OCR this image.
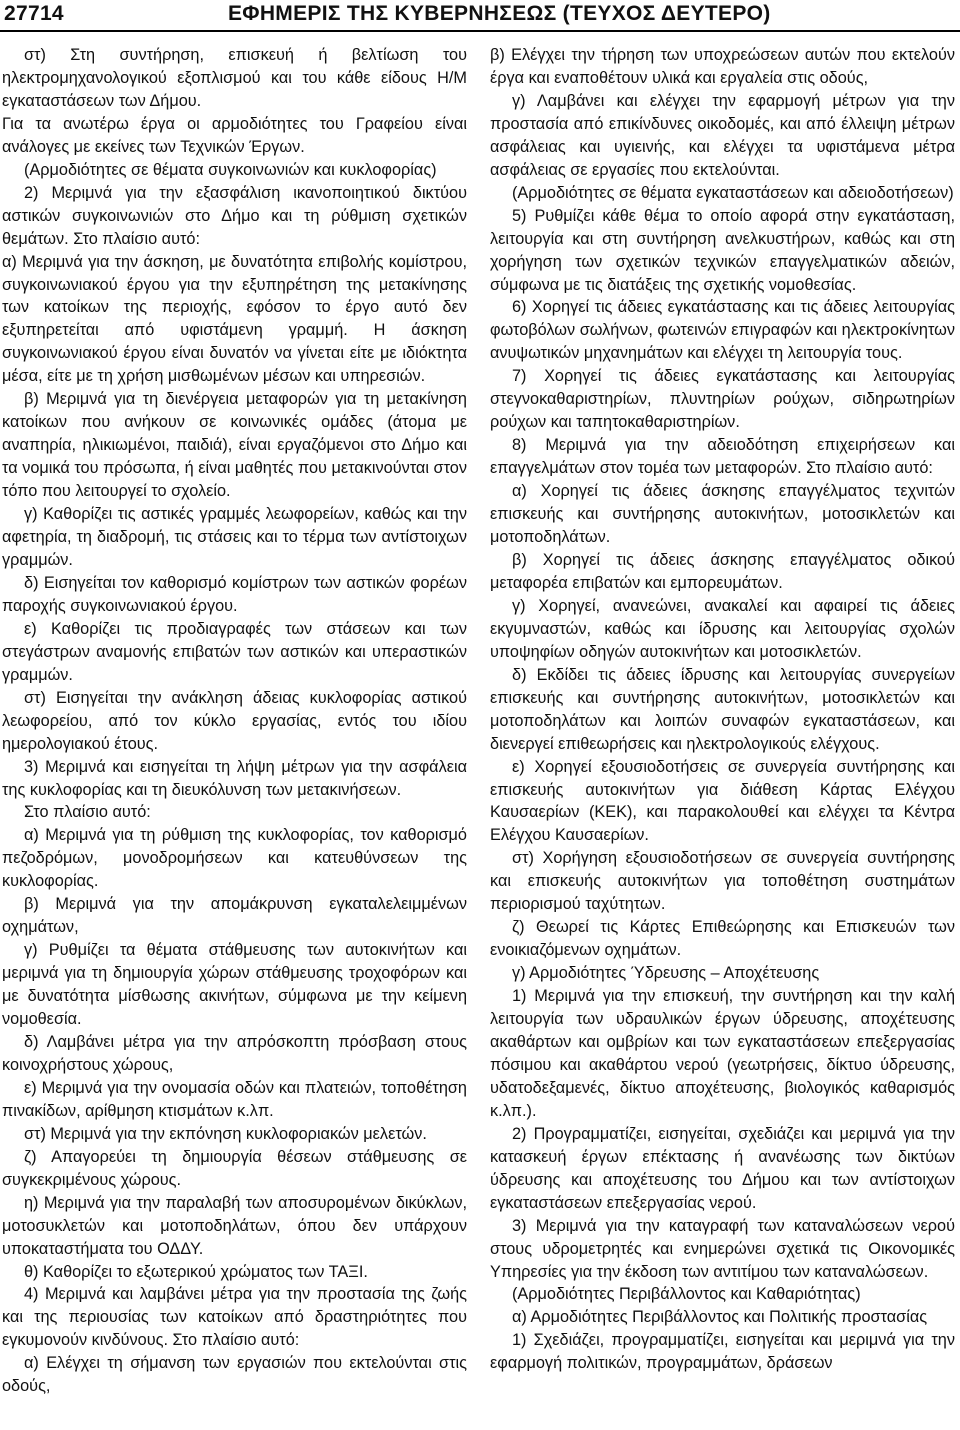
27714	ΕΦΗΜΕΡΙΣ ΤΗΣ ΚΥΒΕΡΝΗΣΕΩΣ (ΤΕΥΧΟΣ ΔΕΥΤΕΡΟ)

στ) Στη συντήρηση, επισκευή ή βελτίωση του ηλεκτρομηχανολογικού εξοπλισμού και του κάθε είδους Η/Μ εγκαταστάσεων των Δήμου.

Για τα ανωτέρω έργα οι αρμοδιότητες του Γραφείου είναι ανάλογες με εκείνες των Τεχνικών Έργων.

(Αρμοδιότητες σε θέματα συγκοινωνιών και κυκλοφορίας)

2) Μεριμνά για την εξασφάλιση ικανοποιητικού δικτύου αστικών συγκοινωνιών στο Δήμο και τη ρύθμιση σχετικών θεμάτων. Στο πλαίσιο αυτό:

α) Μεριμνά για την άσκηση, με δυνατότητα επιβολής κομίστρου, συγκοινωνιακού έργου για την εξυπηρέτηση της μετακίνησης των κατοίκων της περιοχής, εφόσον το έργο αυτό δεν εξυπηρετείται από υφιστάμενη γραμμή. Η άσκηση συγκοινωνιακού έργου είναι δυνατόν να γίνεται είτε με ιδιόκτητα μέσα, είτε με τη χρήση μισθωμένων μέσων και υπηρεσιών.

β) Μεριμνά για τη διενέργεια μεταφορών για τη μετακίνηση κατοίκων που ανήκουν σε κοινωνικές ομάδες (άτομα με αναπηρία, ηλικιωμένοι, παιδιά), είναι εργαζόμενοι στο Δήμο και τα νομικά του πρόσωπα, ή είναι μαθητές που μετακινούνται στον τόπο που λειτουργεί το σχολείο.

γ) Καθορίζει τις αστικές γραμμές λεωφορείων, καθώς και την αφετηρία, τη διαδρομή, τις στάσεις και το τέρμα των αντίστοιχων γραμμών.

δ) Εισηγείται τον καθορισμό κομίστρων των αστικών φορέων παροχής συγκοινωνιακού έργου.

ε) Καθορίζει τις προδιαγραφές των στάσεων και των στεγάστρων αναμονής επιβατών των αστικών και υπεραστικών γραμμών.

στ) Εισηγείται την ανάκληση άδειας κυκλοφορίας αστικού λεωφορείου, από τον κύκλο εργασίας, εντός του ιδίου ημερολογιακού έτους.

3) Μεριμνά και εισηγείται τη λήψη μέτρων για την ασφάλεια της κυκλοφορίας και τη διευκόλυνση των μετακινήσεων.

Στο πλαίσιο αυτό:

α) Μεριμνά για τη ρύθμιση της κυκλοφορίας, τον καθορισμό πεζοδρόμων, μονοδρομήσεων και κατευθύνσεων της κυκλοφορίας.

β) Μεριμνά για την απομάκρυνση εγκαταλελειμμένων οχημάτων,

γ) Ρυθμίζει τα θέματα στάθμευσης των αυτοκινήτων και μεριμνά για τη δημιουργία χώρων στάθμευσης τροχοφόρων και με δυνατότητα μίσθωσης ακινήτων, σύμφωνα με την κείμενη νομοθεσία.

δ) Λαμβάνει μέτρα για την απρόσκοπτη πρόσβαση στους κοινοχρήστους χώρους,

ε) Μεριμνά για την ονομασία οδών και πλατειών, τοποθέτηση πινακίδων, αρίθμηση κτισμάτων κ.λπ.

στ) Μεριμνά για την εκπόνηση κυκλοφοριακών μελετών.

ζ) Απαγορεύει τη δημιουργία θέσεων στάθμευσης σε συγκεκριμένους χώρους.

η) Μεριμνά για την παραλαβή των αποσυρομένων δικύκλων, μοτοσυκλετών και μοτοποδηλάτων, όπου δεν υπάρχουν υποκαταστήματα του ΟΔΔΥ.

θ) Καθορίζει το εξωτερικού χρώματος των ΤΑΞΙ.

4) Μεριμνά και λαμβάνει μέτρα για την προστασία της ζωής και της περιουσίας των κατοίκων από δραστηριότητες που εγκυμονούν κινδύνους. Στο πλαίσιο αυτό:

α) Ελέγχει τη σήμανση των εργασιών που εκτελούνται στις οδούς,

β) Ελέγχει την τήρηση των υποχρεώσεων αυτών που εκτελούν έργα και εναποθέτουν υλικά και εργαλεία στις οδούς,

γ) Λαμβάνει και ελέγχει την εφαρμογή μέτρων για την προστασία από επικίνδυνες οικοδομές, και από έλλειψη μέτρων ασφάλειας και υγιεινής, και ελέγχει τα υφιστάμενα μέτρα ασφάλειας σε εργασίες που εκτελούνται.

(Αρμοδιότητες σε θέματα εγκαταστάσεων και αδειοδοτήσεων)

5) Ρυθμίζει κάθε θέμα το οποίο αφορά στην εγκατάσταση, λειτουργία και στη συντήρηση ανελκυστήρων, καθώς και στη χορήγηση των σχετικών τεχνικών επαγγελματικών αδειών, σύμφωνα με τις διατάξεις της σχετικής νομοθεσίας.

6) Χορηγεί τις άδειες εγκατάστασης και τις άδειες λειτουργίας φωτοβόλων σωλήνων, φωτεινών επιγραφών και ηλεκτροκίνητων ανυψωτικών μηχανημάτων και ελέγχει τη λειτουργία τους.

7) Χορηγεί τις άδειες εγκατάστασης και λειτουργίας στεγνοκαθαριστηρίων, πλυντηρίων ρούχων, σιδηρωτηρίων ρούχων και ταπητοκαθαριστηρίων.

8) Μεριμνά για την αδειοδότηση επιχειρήσεων και επαγγελμάτων στον τομέα των μεταφορών. Στο πλαίσιο αυτό:

α) Χορηγεί τις άδειες άσκησης επαγγέλματος τεχνιτών επισκευής και συντήρησης αυτοκινήτων, μοτοσικλετών και μοτοποδηλάτων.

β) Χορηγεί τις άδειες άσκησης επαγγέλματος οδικού μεταφορέα επιβατών και εμπορευμάτων.

γ) Χορηγεί, ανανεώνει, ανακαλεί και αφαιρεί τις άδειες εκγυμναστών, καθώς και ίδρυσης και λειτουργίας σχολών υποψηφίων οδηγών αυτοκινήτων και μοτοσικλετών.

δ) Εκδίδει τις άδειες ίδρυσης και λειτουργίας συνεργείων επισκευής και συντήρησης αυτοκινήτων, μοτοσικλετών και μοτοποδηλάτων και λοιπών συναφών εγκαταστάσεων, και διενεργεί επιθεωρήσεις και ηλεκτρολογικούς ελέγχους.

ε) Χορηγεί εξουσιοδοτήσεις σε συνεργεία συντήρησης και επισκευής αυτοκινήτων για διάθεση Κάρτας Ελέγχου Καυσαερίων (ΚΕΚ), και παρακολουθεί και ελέγχει τα Κέντρα Ελέγχου Καυσαερίων.

στ) Χορήγηση εξουσιοδοτήσεων σε συνεργεία συντήρησης και επισκευής αυτοκινήτων για τοποθέτηση συστημάτων περιορισμού ταχύτητων.

ζ) Θεωρεί τις Κάρτες Επιθεώρησης και Επισκευών των ενοικιαζόμενων οχημάτων.

γ) Αρμοδιότητες Ύδρευσης – Αποχέτευσης

1) Μεριμνά για την επισκευή, την συντήρηση και την καλή λειτουργία των υδραυλικών έργων ύδρευσης, αποχέτευσης ακαθάρτων και ομβρίων και των εγκαταστάσεων επεξεργασίας πόσιμου και ακαθάρτου νερού (γεωτρήσεις, δίκτυο ύδρευσης, υδατοδεξαμενές, δίκτυο αποχέτευσης, βιολογικός καθαρισμός κ.λπ.).

2) Προγραμματίζει, εισηγείται, σχεδιάζει και μεριμνά για την κατασκευή έργων επέκτασης ή ανανέωσης των δικτύων ύδρευσης και αποχέτευσης του Δήμου και των αντίστοιχων εγκαταστάσεων επεξεργασίας νερού.

3) Μεριμνά για την καταγραφή των καταναλώσεων νερού στους υδρομετρητές και ενημερώνει σχετικά τις Οικονομικές Υπηρεσίες για την έκδοση των αντιτίμου των καταναλώσεων.

(Αρμοδιότητες Περιβάλλοντος και Καθαριότητας)

α) Αρμοδιότητες Περιβάλλοντος και Πολιτικής προστασίας

1) Σχεδιάζει, προγραμματίζει, εισηγείται και μεριμνά για την εφαρμογή πολιτικών, προγραμμάτων, δράσεων
